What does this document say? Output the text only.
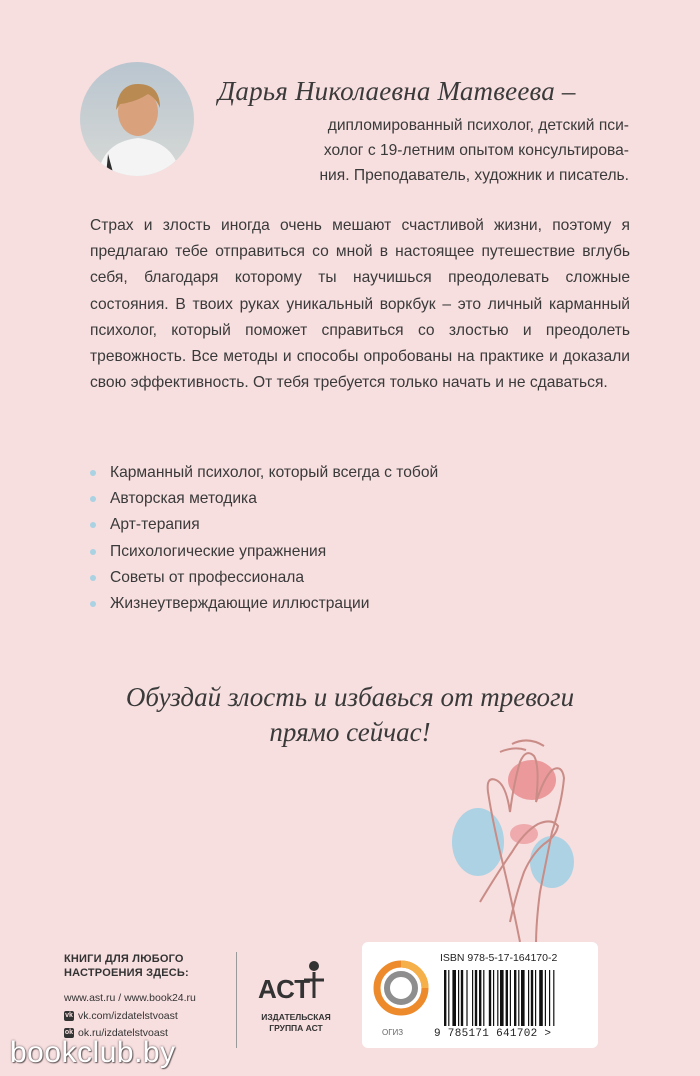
Дарья Николаевна Матвеева –
дипломированный психолог, детский пси-
холог с 19-летним опытом консультирова-
ния. Преподаватель, художник и писатель.
Страх и злость иногда очень мешают счастливой жизни, поэтому я предлагаю тебе отправиться со мной в настоящее путешествие вглубь себя, благодаря которому ты научишься преодолевать сложные состояния. В твоих руках уникальный воркбук – это личный карманный психолог, который поможет справиться со злостью и преодолеть тревожность. Все методы и способы опробованы на практике и доказали свою эффективность. От тебя требуется только начать и не сдаваться.
Карманный психолог, который всегда с тобой
Авторская методика
Арт-терапия
Психологические упражнения
Советы от профессионала
Жизнеутверждающие иллюстрации
Обуздай злость и избавься от тревоги
прямо сейчас!
КНИГИ ДЛЯ ЛЮБОГО
НАСТРОЕНИЯ ЗДЕСЬ:
www.ast.ru / www.book24.ru
vk vk.com/izdatelstvoast
ok ok.ru/izdatelstvoast
АСТ
ИЗДАТЕЛЬСКАЯ
ГРУППА АСТ	ОГИЗ
ISBN 978-5-17-164170-2
9 785171 641702 >
bookclub.by
